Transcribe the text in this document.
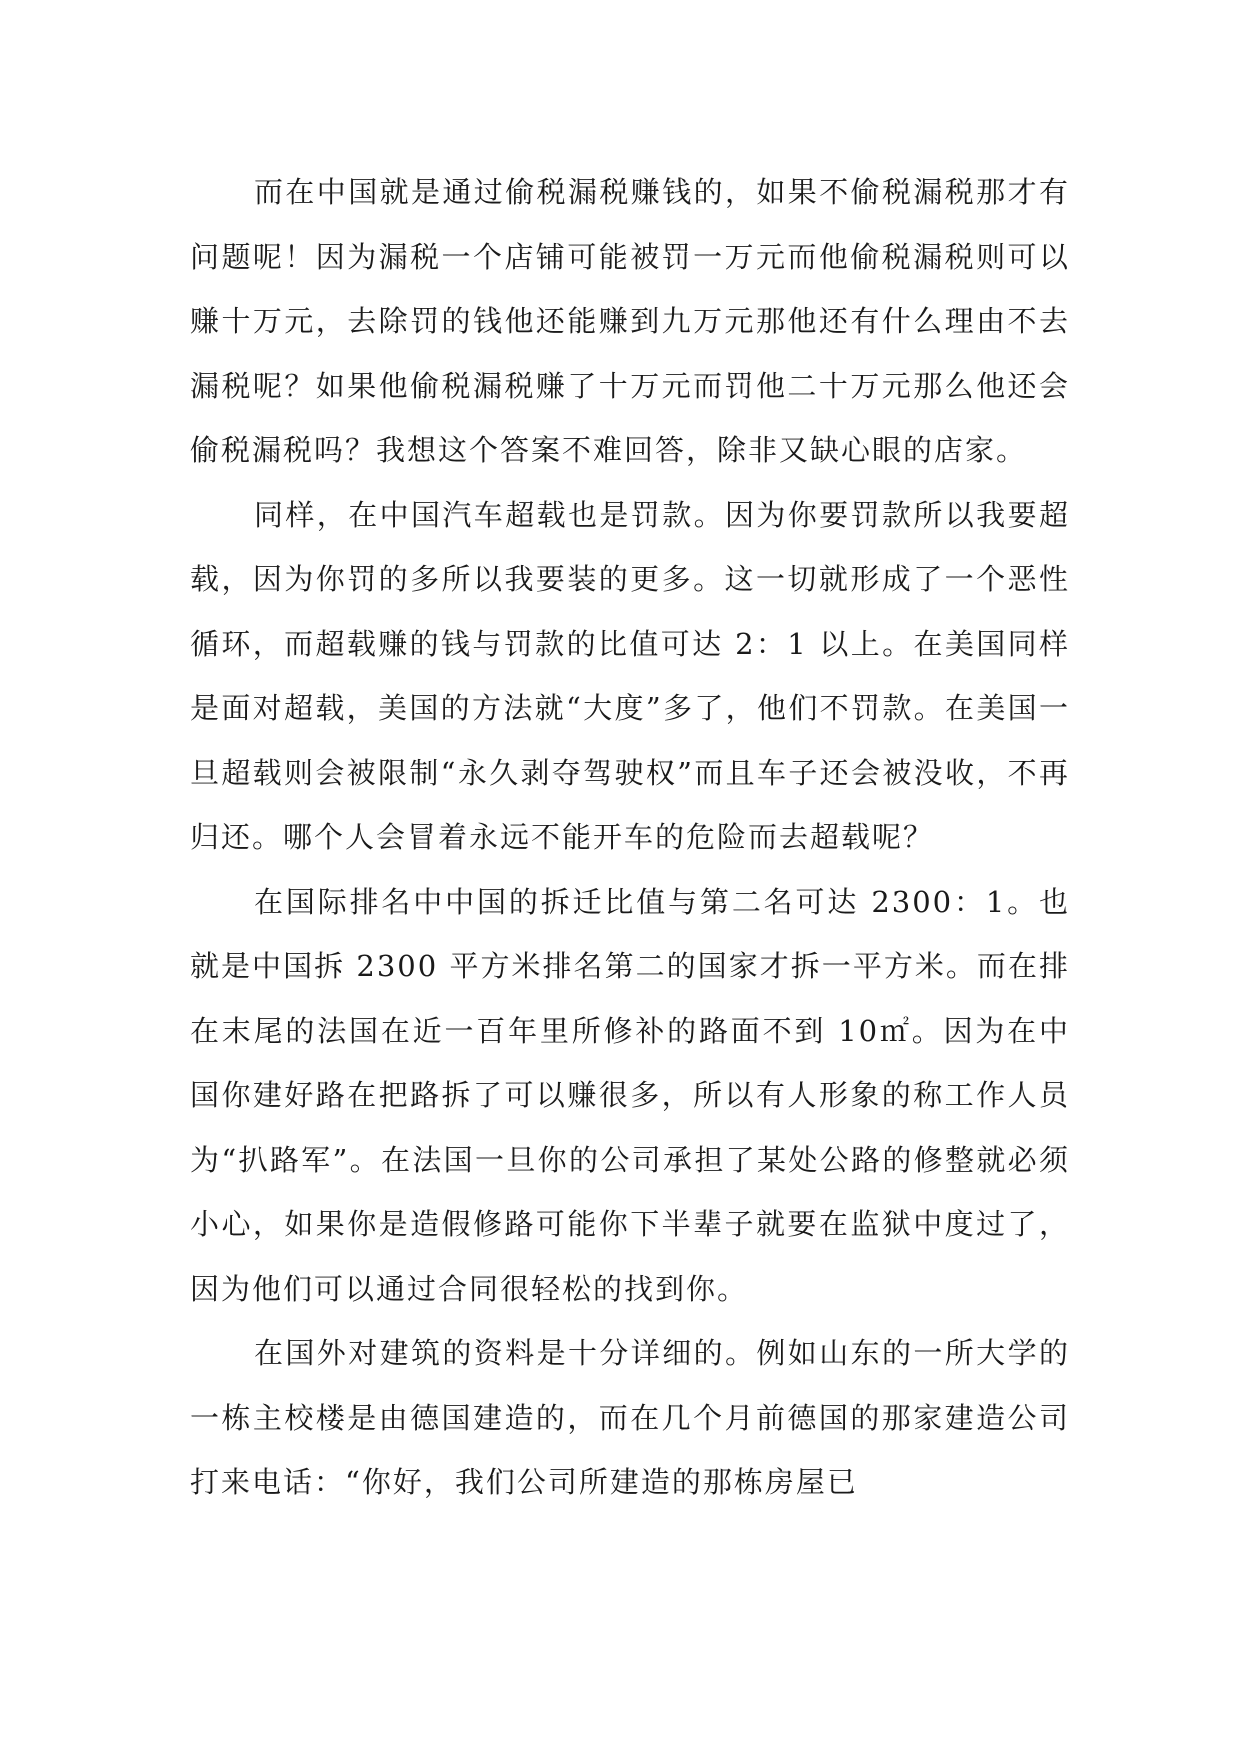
而在中国就是通过偷税漏税赚钱的，如果不偷税漏税那才有问题呢！因为漏税一个店铺可能被罚一万元而他偷税漏税则可以赚十万元，去除罚的钱他还能赚到九万元那他还有什么理由不去漏税呢？如果他偷税漏税赚了十万元而罚他二十万元那么他还会偷税漏税吗？我想这个答案不难回答，除非又缺心眼的店家。

同样，在中国汽车超载也是罚款。因为你要罚款所以我要超载，因为你罚的多所以我要装的更多。这一切就形成了一个恶性循环，而超载赚的钱与罚款的比值可达 2：1 以上。在美国同样是面对超载，美国的方法就“大度”多了，他们不罚款。在美国一旦超载则会被限制“永久剥夺驾驶权”而且车子还会被没收，不再归还。哪个人会冒着永远不能开车的危险而去超载呢？

在国际排名中中国的拆迁比值与第二名可达 2300：1。也就是中国拆 2300 平方米排名第二的国家才拆一平方米。而在排在末尾的法国在近一百年里所修补的路面不到 10㎡。因为在中国你建好路在把路拆了可以赚很多，所以有人形象的称工作人员为“扒路军”。在法国一旦你的公司承担了某处公路的修整就必须小心，如果你是造假修路可能你下半辈子就要在监狱中度过了，因为他们可以通过合同很轻松的找到你。

在国外对建筑的资料是十分详细的。例如山东的一所大学的一栋主校楼是由德国建造的，而在几个月前德国的那家建造公司打来电话：“你好，我们公司所建造的那栋房屋已
